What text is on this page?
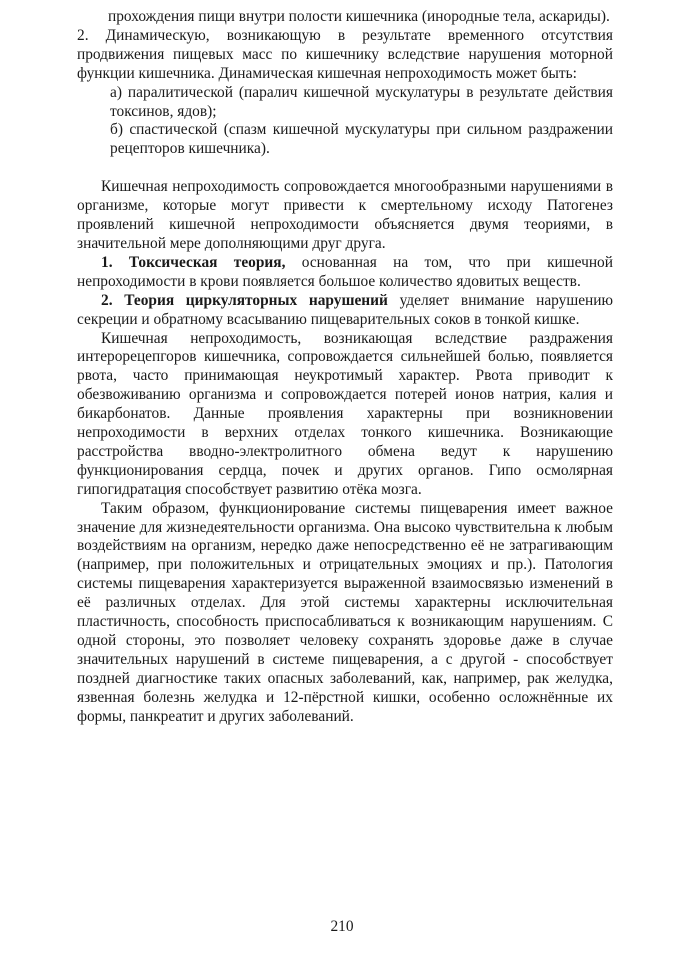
прохождения пищи внутри полости кишечника (инородные тела, аскариды).

2. Динамическую, возникающую в результате временного отсутствия продвижения пищевых масс по кишечнику вследствие нарушения моторной функции кишечника. Динамическая кишечная непроходимость может быть:

а) паралитической (паралич кишечной мускулатуры в результате действия токсинов, ядов);

б) спастической (спазм кишечной мускулатуры при сильном раздражении рецепторов кишечника).

Кишечная непроходимость сопровождается многообразными нарушениями в организме, которые могут привести к смертельному исходу Патогенез проявлений кишечной непроходимости объясняется двумя теориями, в значительной мере дополняющими друг друга.

1. Токсическая теория, основанная на том, что при кишечной непроходимости в крови появляется большое количество ядовитых веществ.

2. Теория циркуляторных нарушений уделяет внимание нарушению секреции и обратному всасыванию пищеварительных соков в тонкой кишке.

Кишечная непроходимость, возникающая вследствие раздражения интерорецепгоров кишечника, сопровождается сильнейшей болью, появляется рвота, часто принимающая неукротимый характер. Рвота приводит к обезвоживанию организма и сопровождается потерей ионов натрия, калия и бикарбонатов. Данные проявления характерны при возникновении непроходимости в верхних отделах тонкого кишечника. Возникающие расстройства вводно-электролитного обмена ведут к нарушению функционирования сердца, почек и других органов. Гипо осмолярная гипогидратация способствует развитию отёка мозга.

Таким образом, функционирование системы пищеварения имеет важное значение для жизнедеятельности организма. Она высоко чувствительна к любым воздействиям на организм, нередко даже непосредственно её не затрагивающим (например, при положительных и отрицательных эмоциях и пр.). Патология системы пищеварения характеризуется выраженной взаимосвязью изменений в её различных отделах. Для этой системы характерны исключительная пластичность, способность приспосабливаться к возникающим нарушениям. С одной стороны, это позволяет человеку сохранять здоровье даже в случае значительных нарушений в системе пищеварения, а с другой - способствует поздней диагностике таких опасных заболеваний, как, например, рак желудка, язвенная болезнь желудка и 12-пёрстной кишки, особенно осложнённые их формы, панкреатит и других заболеваний.

210
